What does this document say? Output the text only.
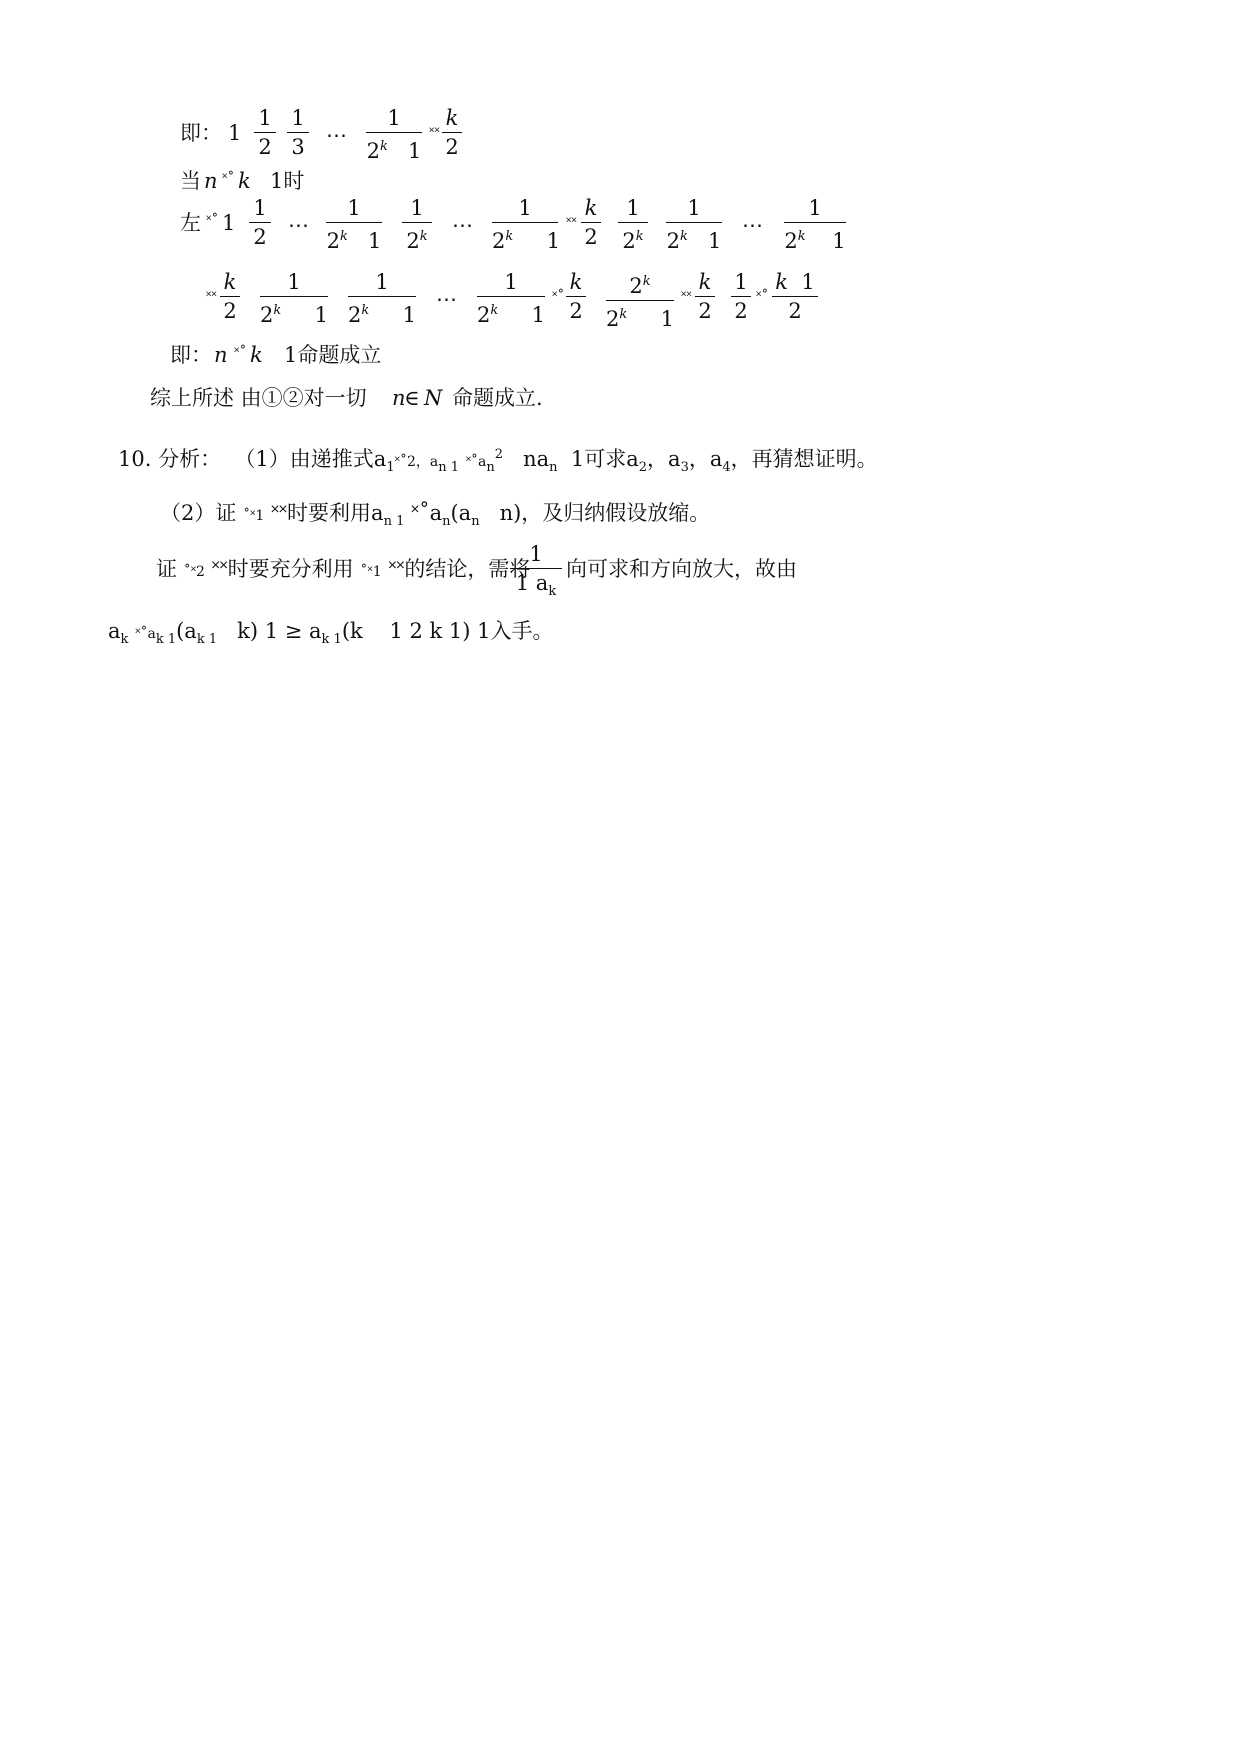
即： 1
1
2
1
3 ⋯
1
2$^k$ 1
˟˟
k
2
当 n ˟˚ k 1时
左 ˟˚ 1
1
2 ⋯
1
2$^k$ 1
1
2$^k$ ⋯
1
2$^k$ 1
˟˟
k
2
1
2$^k$
1
2$^k$ 1
⋯
1
2$^k$ 1
˟˟
k
2
1
2$^k$ 1
1
2$^k$ 1
⋯
1
2$^k$ 1
˟˚
k
2
2$^k$
2$^k$ 1
˟˟
k
2
1
2
˟˚
k 1
2
即： n ˟˚ k 1命题成立
综上所述 由①②对一切 n
∈ N 命题成立.
10. 分析： （1）由递推式$a_1˟˚2$，$a_{n 1}$ $˟˚a_n^2$ $na_n$ 1可求$a_2$，$a_3$，$a_4$，再猜想证明。
（2）证 ˚˟1 ˟˟时要利用$a_{n 1}$ $˟˚a_n(a_n$ n)，及归纳假设放缩。
证 ˚˟2 ˟˟时要充分利用 ˚˟1 ˟˟的结论，需将
1
1 $a_k$
向可求和方向放大，故由
$a_k$ $˟˚a_{k 1}(a_{k 1}$ k) $1 \ge a_{k 1}(k$ 1 2 k 1) 1入手。
